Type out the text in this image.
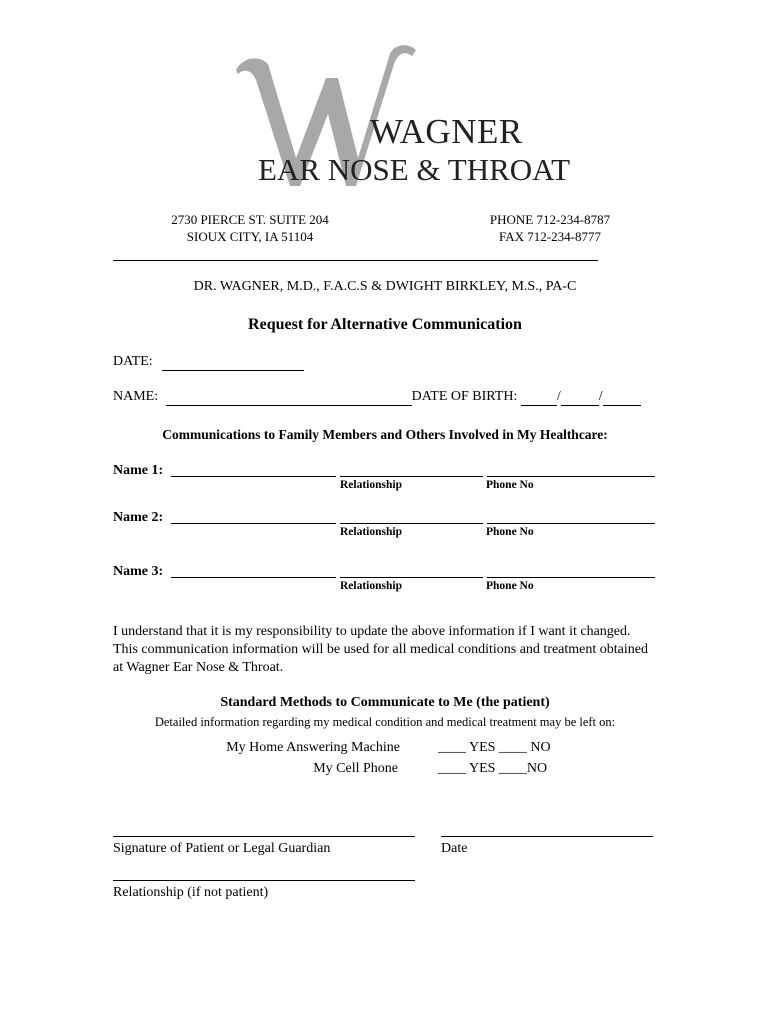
WAGNER
EAR NOSE & THROAT
2730 PIERCE ST. SUITE 204
SIOUX CITY, IA 51104
PHONE 712-234-8787
FAX 712-234-8777
DR. WAGNER, M.D., F.A.C.S & DWIGHT BIRKLEY, M.S., PA-C
Request for Alternative Communication
DATE:
NAME:	DATE OF BIRTH:	/	/
Communications to Family Members and Others Involved in My Healthcare:
Name 1:
Relationship	Phone No
Name 2:
Relationship	Phone No
Name 3:
Relationship	Phone No
I understand that it is my responsibility to update the above information if I want it changed. This communication information will be used for all medical conditions and treatment obtained at Wagner Ear Nose & Throat.
Standard Methods to Communicate to Me (the patient)
Detailed information regarding my medical condition and medical treatment may be left on:
My Home Answering Machine	____ YES ____ NO
My Cell Phone	____ YES ____NO
Signature of Patient or Legal Guardian	Date
Relationship (if not patient)
